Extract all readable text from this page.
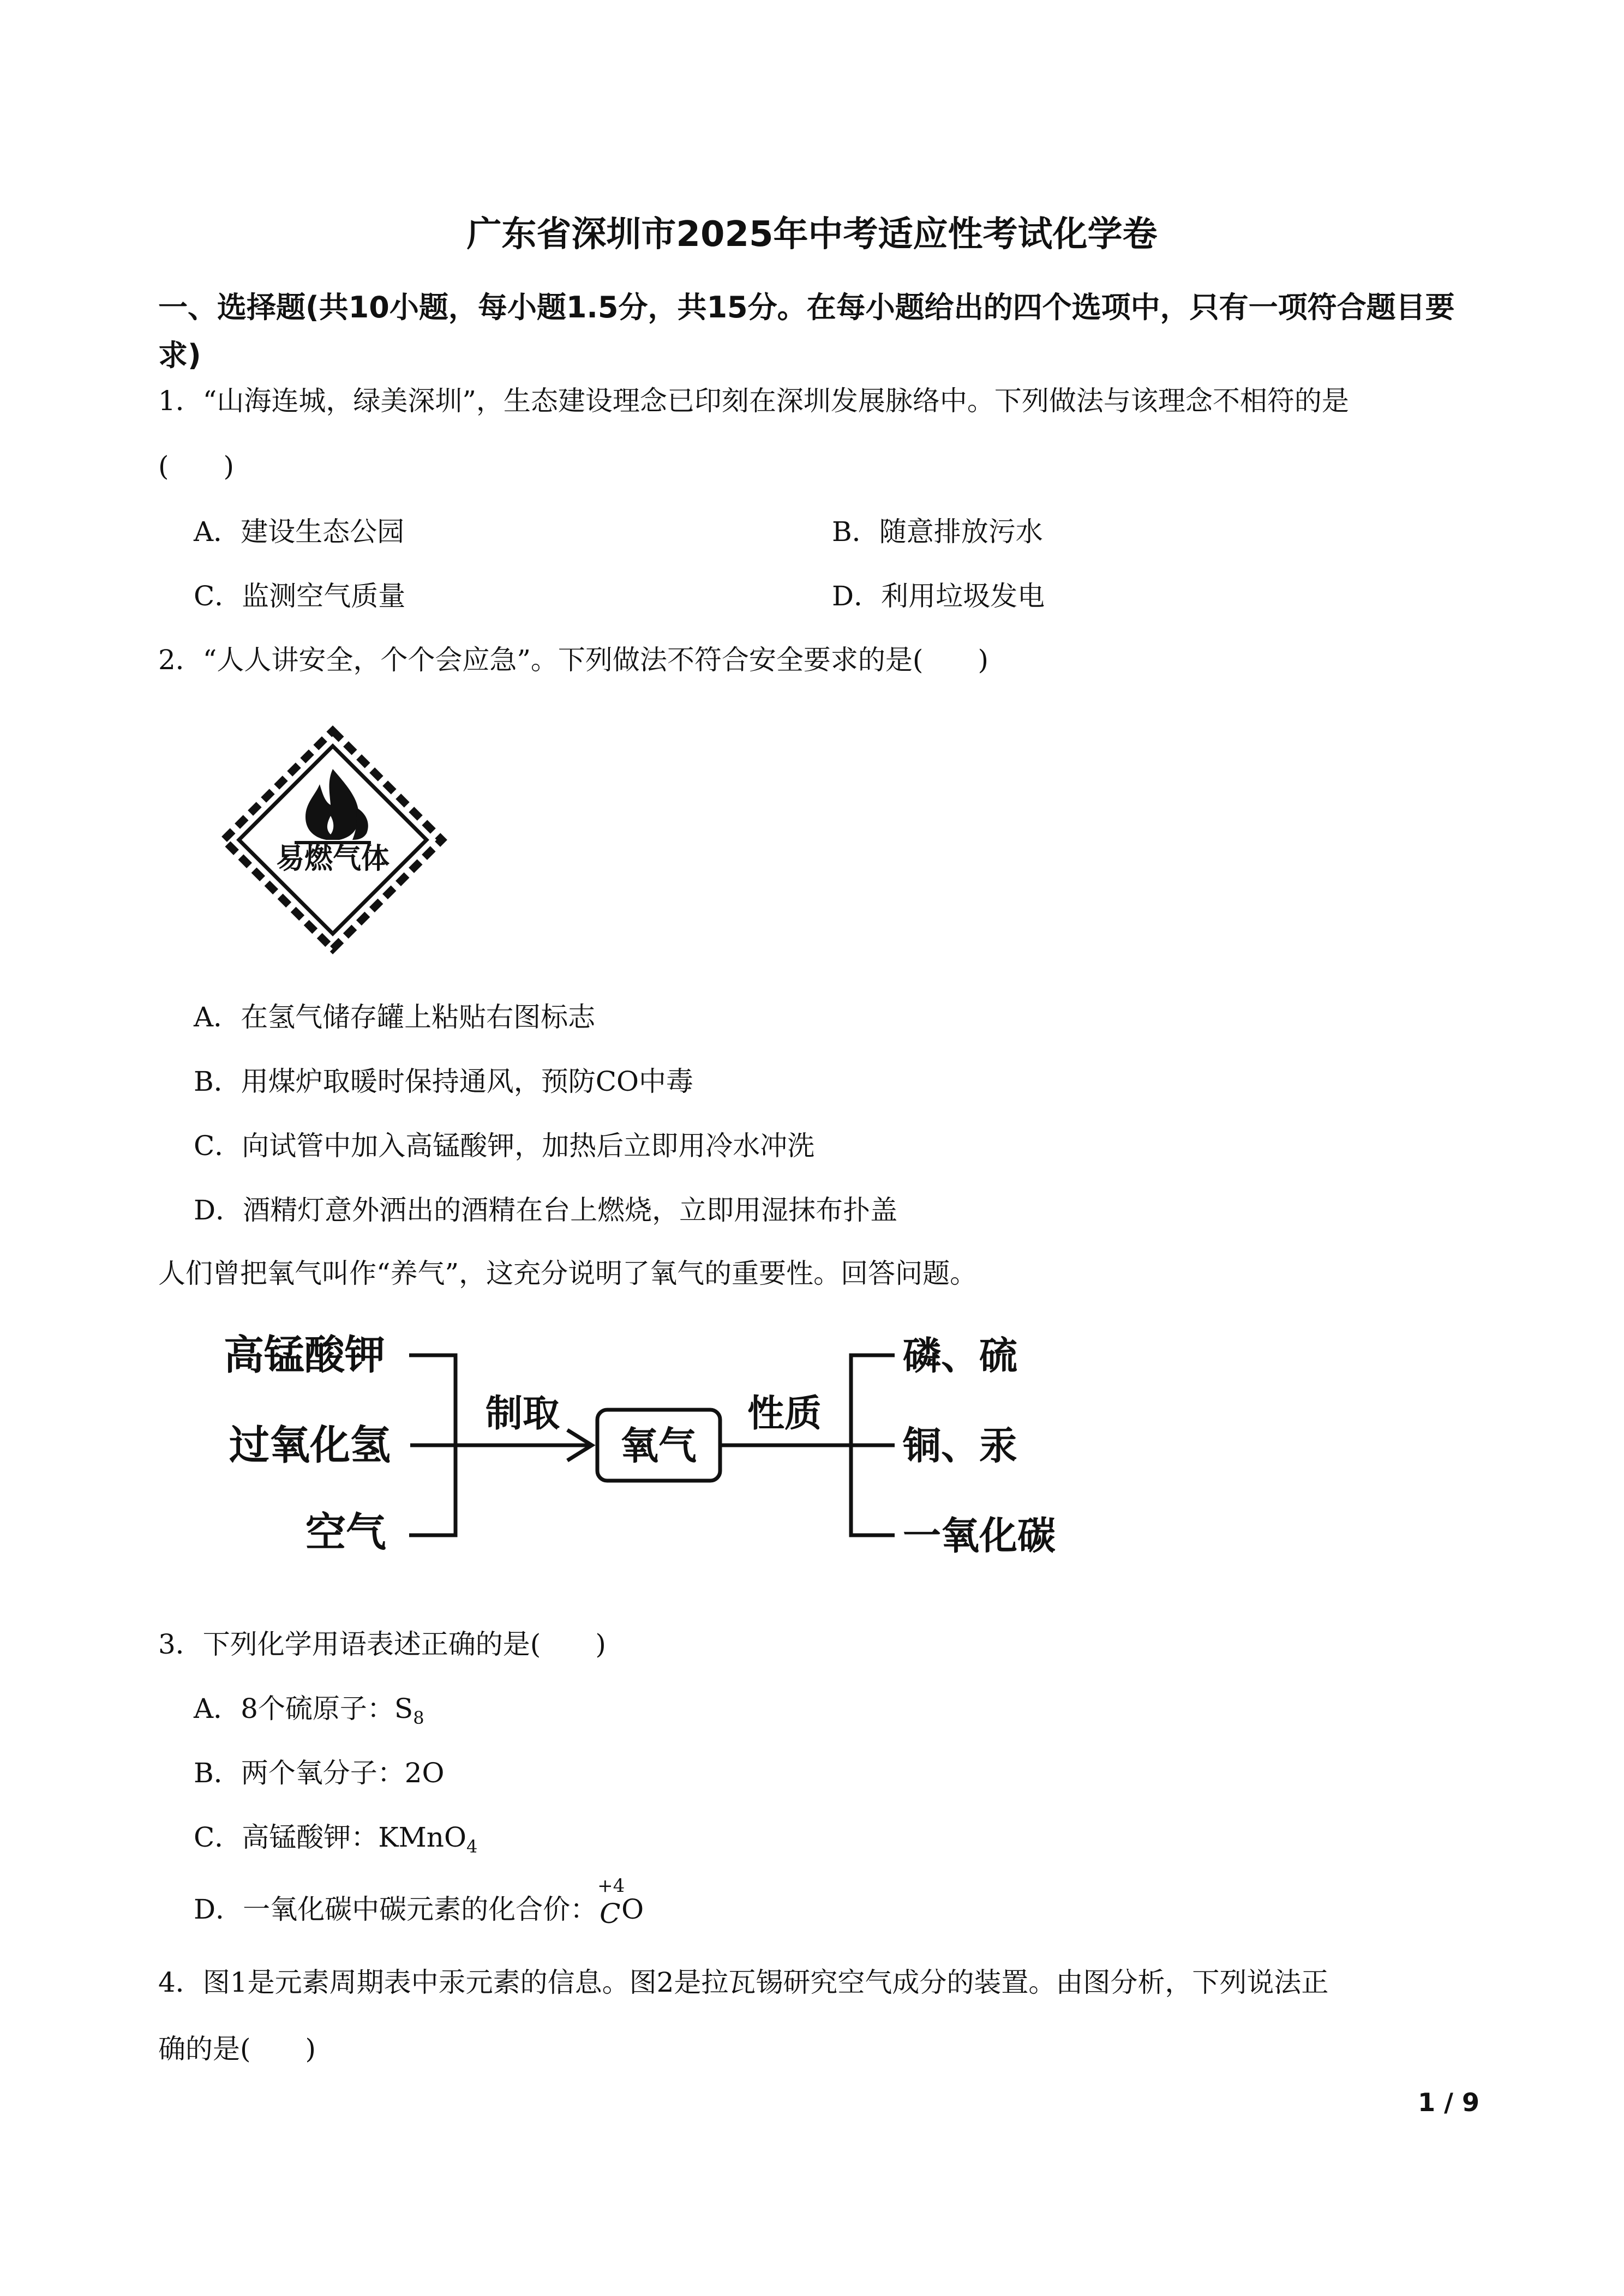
广东省深圳市2025年中考适应性考试化学卷
一、选择题(共10小题，每小题1.5分，共15分。在每小题给出的四个选项中，只有一项符合题目要求)
1．“山海连城，绿美深圳”，生态建设理念已印刻在深圳发展脉络中。下列做法与该理念不相符的是
(　　)
A．建设生态公园	B．随意排放污水
C．监测空气质量	D．利用垃圾发电
2．“人人讲安全，个个会应急”。下列做法不符合安全要求的是(　　)
易燃气体
A．在氢气储存罐上粘贴右图标志
B．用煤炉取暖时保持通风，预防CO中毒
C．向试管中加入高锰酸钾，加热后立即用冷水冲洗
D．酒精灯意外洒出的酒精在台上燃烧，立即用湿抹布扑盖
人们曾把氧气叫作“养气”，这充分说明了氧气的重要性。回答问题。
高锰酸钾
过氧化氢
空气
制取
氧气
性质
磷、硫
铜、汞
一氧化碳
3．下列化学用语表述正确的是(　　)
A．8个硫原子：$S_8$
B．两个氧分子：2O
C．高锰酸钾：KMnO$_4$
D．一氧化碳中碳元素的化合价：
+4
C O
4．图1是元素周期表中汞元素的信息。图2是拉瓦锡研究空气成分的装置。由图分析，下列说法正
确的是(　　)
1 / 9
